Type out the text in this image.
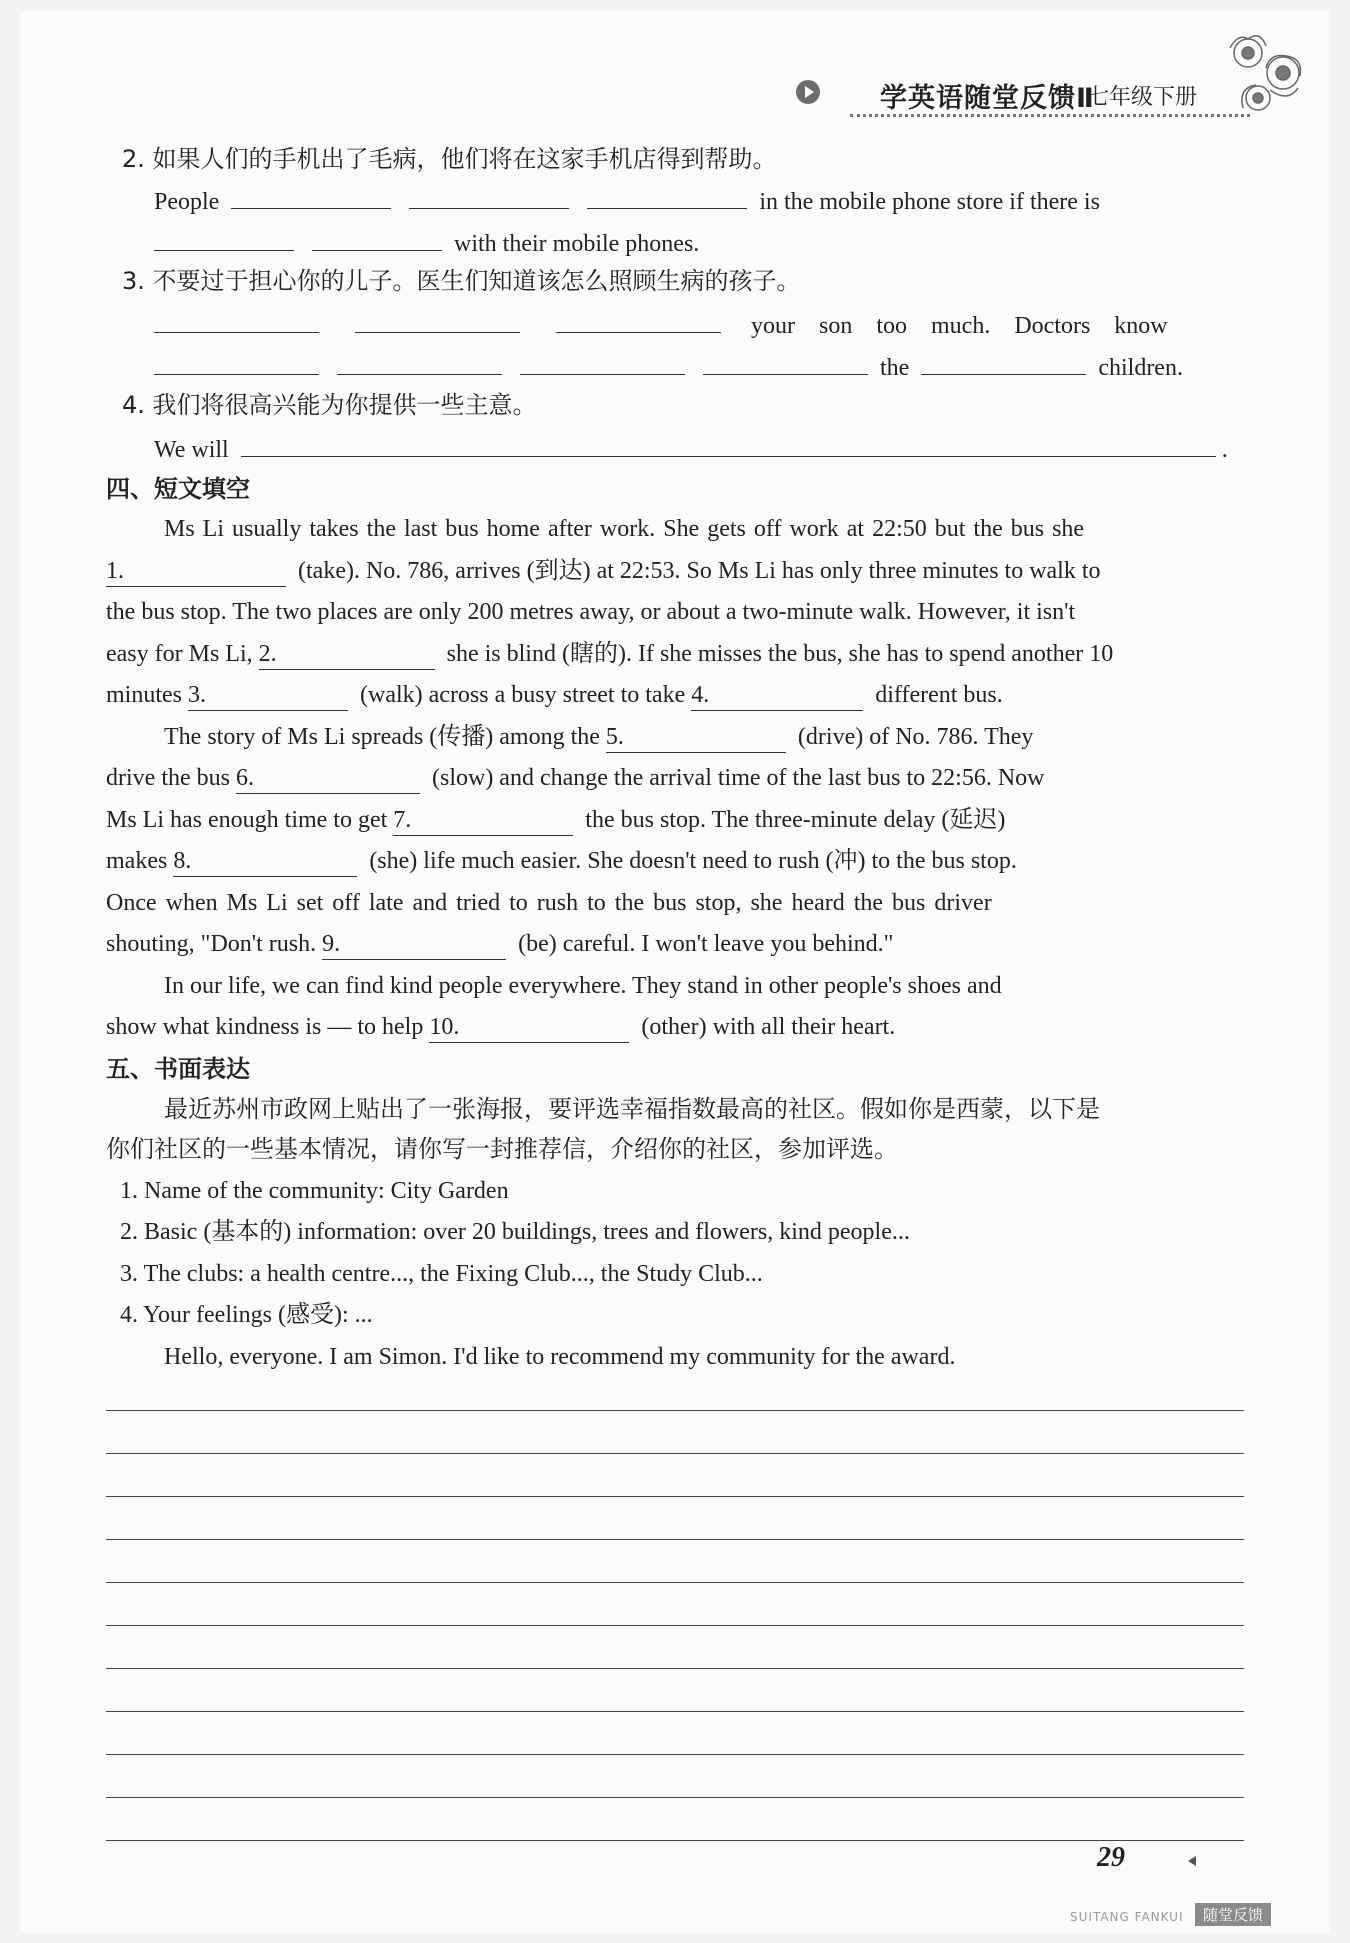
学英语随堂反馈Ⅱ
七年级下册
2. 如果人们的手机出了毛病，他们将在这家手机店得到帮助。
People	in the mobile phone store if there is
with their mobile phones.
3. 不要过于担心你的儿子。医生们知道该怎么照顾生病的孩子。
your son too much. Doctors know
the	children.
4. 我们将很高兴能为你提供一些主意。
We will	.
四、短文填空
Ms Li usually takes the last bus home after work. She gets off work at 22:50 but the bus she
1.	(take). No. 786, arrives (到达) at 22:53. So Ms Li has only three minutes to walk to
the bus stop. The two places are only 200 metres away, or about a two-minute walk. However, it isn't
easy for Ms Li, 2.	she is blind (瞎的). If she misses the bus, she has to spend another 10
minutes 3.	(walk) across a busy street to take 4.	different bus.
The story of Ms Li spreads (传播) among the 5.	(drive) of No. 786. They
drive the bus 6.	(slow) and change the arrival time of the last bus to 22:56. Now
Ms Li has enough time to get 7.	the bus stop. The three-minute delay (延迟)
makes 8.	(she) life much easier. She doesn't need to rush (冲) to the bus stop.
Once when Ms Li set off late and tried to rush to the bus stop, she heard the bus driver
shouting, "Don't rush. 9.	(be) careful. I won't leave you behind."
In our life, we can find kind people everywhere. They stand in other people's shoes and
show what kindness is — to help 10.	(other) with all their heart.
五、书面表达
最近苏州市政网上贴出了一张海报，要评选幸福指数最高的社区。假如你是西蒙，以下是
你们社区的一些基本情况，请你写一封推荐信，介绍你的社区，参加评选。
1. Name of the community: City Garden
2. Basic (基本的) information: over 20 buildings, trees and flowers, kind people...
3. The clubs: a health centre..., the Fixing Club..., the Study Club...
4. Your feelings (感受): ...
Hello, everyone. I am Simon. I'd like to recommend my community for the award.
29
SUITANG FANKUI	随堂反馈
